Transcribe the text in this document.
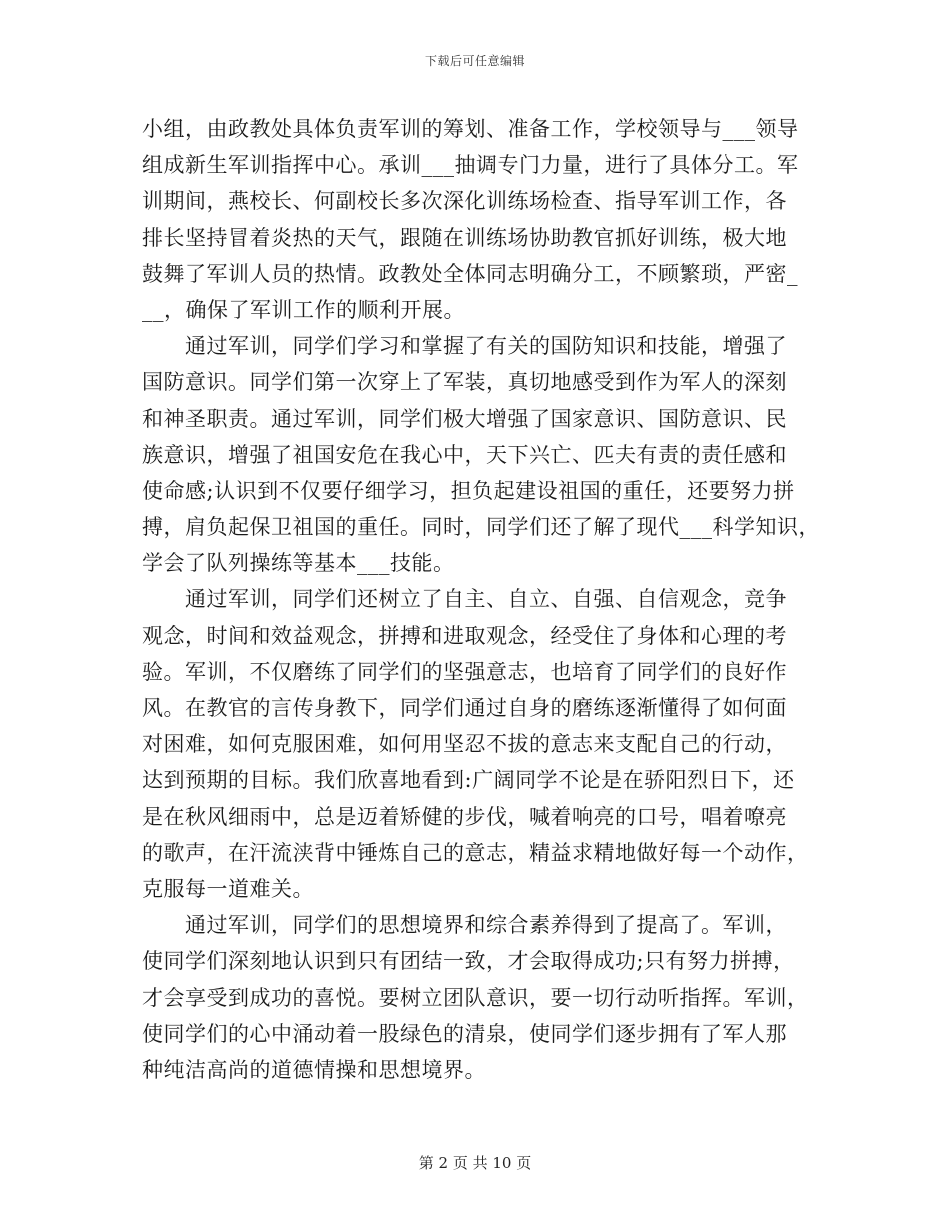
下载后可任意编辑
小组，由政教处具体负责军训的筹划、准备工作，学校领导与___领导
组成新生军训指挥中心。承训___抽调专门力量，进行了具体分工。军
训期间，燕校长、何副校长多次深化训练场检查、指导军训工作，各
排长坚持冒着炎热的天气，跟随在训练场协助教官抓好训练，极大地
鼓舞了军训人员的热情。政教处全体同志明确分工，不顾繁琐，严密_
__，确保了军训工作的顺利开展。
　　通过军训，同学们学习和掌握了有关的国防知识和技能，增强了
国防意识。同学们第一次穿上了军装，真切地感受到作为军人的深刻
和神圣职责。通过军训，同学们极大增强了国家意识、国防意识、民
族意识，增强了祖国安危在我心中，天下兴亡、匹夫有责的责任感和
使命感;认识到不仅要仔细学习，担负起建设祖国的重任，还要努力拼
搏，肩负起保卫祖国的重任。同时，同学们还了解了现代___科学知识，
学会了队列操练等基本___技能。
　　通过军训，同学们还树立了自主、自立、自强、自信观念，竞争
观念，时间和效益观念，拼搏和进取观念，经受住了身体和心理的考
验。军训，不仅磨练了同学们的坚强意志，也培育了同学们的良好作
风。在教官的言传身教下，同学们通过自身的磨练逐渐懂得了如何面
对困难，如何克服困难，如何用坚忍不拔的意志来支配自己的行动，
达到预期的目标。我们欣喜地看到:广阔同学不论是在骄阳烈日下，还
是在秋风细雨中，总是迈着矫健的步伐，喊着响亮的口号，唱着嘹亮
的歌声，在汗流浃背中锤炼自己的意志，精益求精地做好每一个动作，
克服每一道难关。
　　通过军训，同学们的思想境界和综合素养得到了提高了。军训，
使同学们深刻地认识到只有团结一致，才会取得成功;只有努力拼搏，
才会享受到成功的喜悦。要树立团队意识，要一切行动听指挥。军训，
使同学们的心中涌动着一股绿色的清泉，使同学们逐步拥有了军人那
种纯洁高尚的道德情操和思想境界。
第 2 页 共 10 页
